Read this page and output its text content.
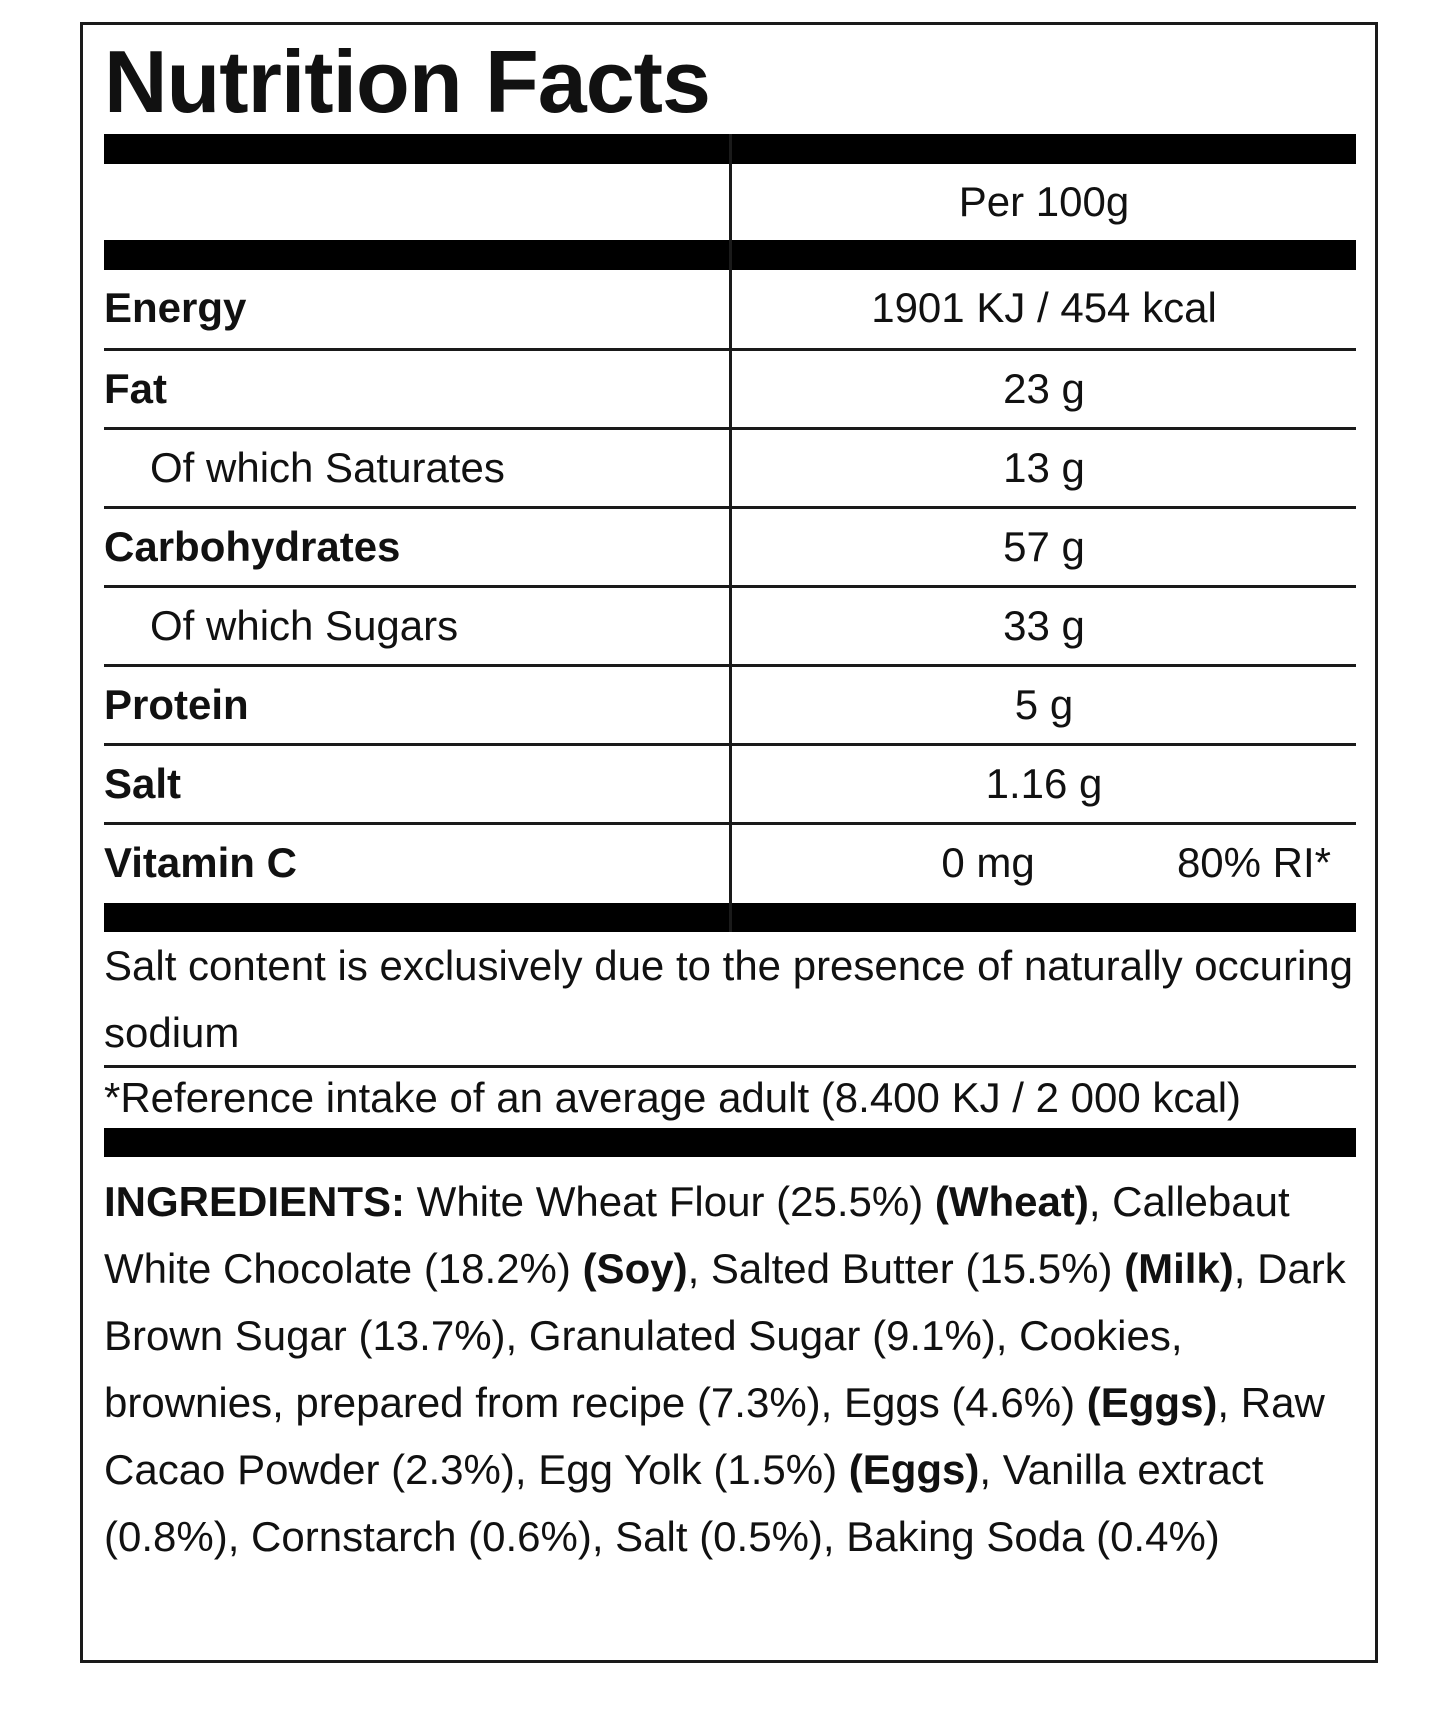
Nutrition Facts
Per 100g
Energy	1901 KJ / 454 kcal
Fat	23 g
Of which Saturates	13 g
Carbohydrates	57 g
Of which Sugars	33 g
Protein	5 g
Salt	1.16 g
Vitamin C	0 mg	80% RI*
Salt content is exclusively due to the presence of naturally occuring sodium
*Reference intake of an average adult (8.400 KJ / 2 000 kcal)
INGREDIENTS: White Wheat Flour (25.5%) (Wheat), Callebaut White Chocolate (18.2%) (Soy), Salted Butter (15.5%) (Milk), Dark Brown Sugar (13.7%), Granulated Sugar (9.1%), Cookies, brownies, prepared from recipe (7.3%), Eggs (4.6%) (Eggs), Raw Cacao Powder (2.3%), Egg Yolk (1.5%) (Eggs), Vanilla extract (0.8%), Cornstarch (0.6%), Salt (0.5%), Baking Soda (0.4%)
